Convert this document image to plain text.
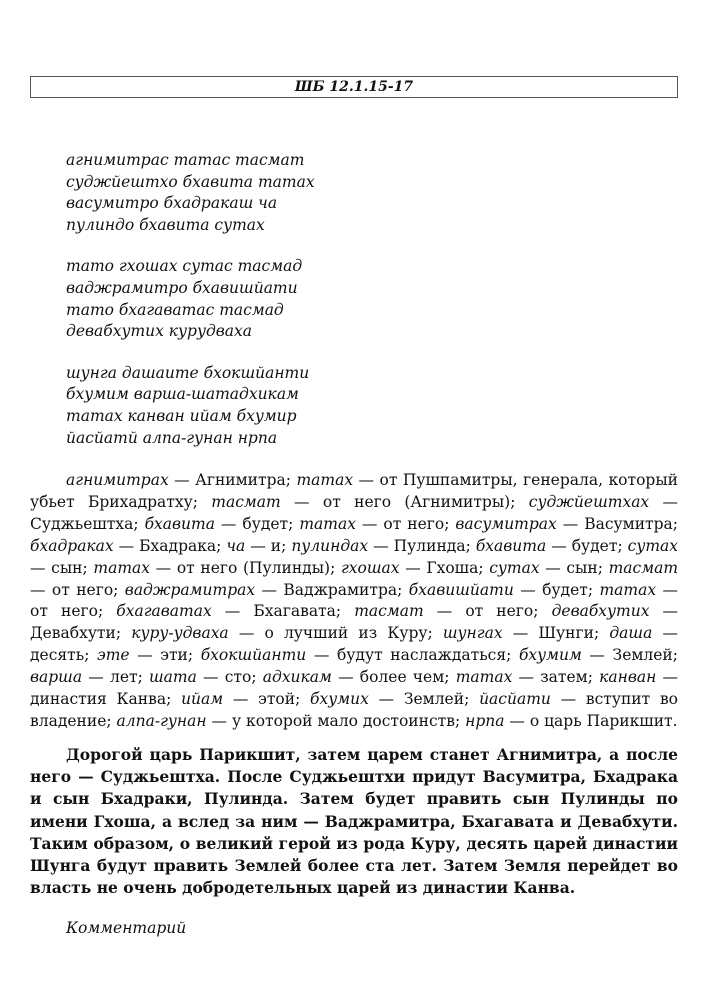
ШБ 12.1.15-17
агнимитрас татас тасмат
суджйештхо бхавита татах
васумитро бхадракаш ча
пулиндо бхавита сутах
тато гхошах сутас тасмад
ваджрамитро бхавишйати
тато бхагаватас тасмад
девабхутих курудваха
шунга дашаите бхокшйанти
бхумим варша-шатадхикам
татах канван ийам бхумир
йасйатй алпа-гунан нрпа

агнимитрах — Агнимитра; татах — от Пушпамитры, генерала, который убьет Брихадратху; тасмат — от него (Агнимитры); суджйештхах — Суджьештха; бхавита — будет; татах — от него; васумитрах — Васумитра; бхадраках — Бхадрака; ча — и; пулиндах — Пулинда; бхавита — будет; сутах — сын; татах — от него (Пулинды); гхошах — Гхоша; сутах — сын; тасмат — от него; ваджрамитрах — Ваджрамитра; бхавишйати — будет; татах — от него; бхагаватах — Бхагавата; тасмат — от него; девабхутих — Девабхути; куру-удваха — о лучший из Куру; шунгах — Шунги; даша — десять; эте — эти; бхокшйанти — будут наслаждаться; бхумим — Землей; варша — лет; шата — сто; адхикам — более чем; татах — затем; канван — династия Канва; ийам — этой; бхумих — Землей; йасйати — вступит во владение; алпа-гунан — у которой мало достоинств; нрпа — о царь Парикшит.

Дорогой царь Парикшит, затем царем станет Агнимитра, а после него — Суджьештха. После Суджьештхи придут Васумитра, Бхадрака и сын Бхадраки, Пулинда. Затем будет править сын Пулинды по имени Гхоша, а вслед за ним — Ваджрамитра, Бхагавата и Девабхути. Таким образом, о великий герой из рода Куру, десять царей династии Шунга будут править Землей более ста лет. Затем Земля перейдет во власть не очень добродетельных царей из династии Канва.

Комментарий
